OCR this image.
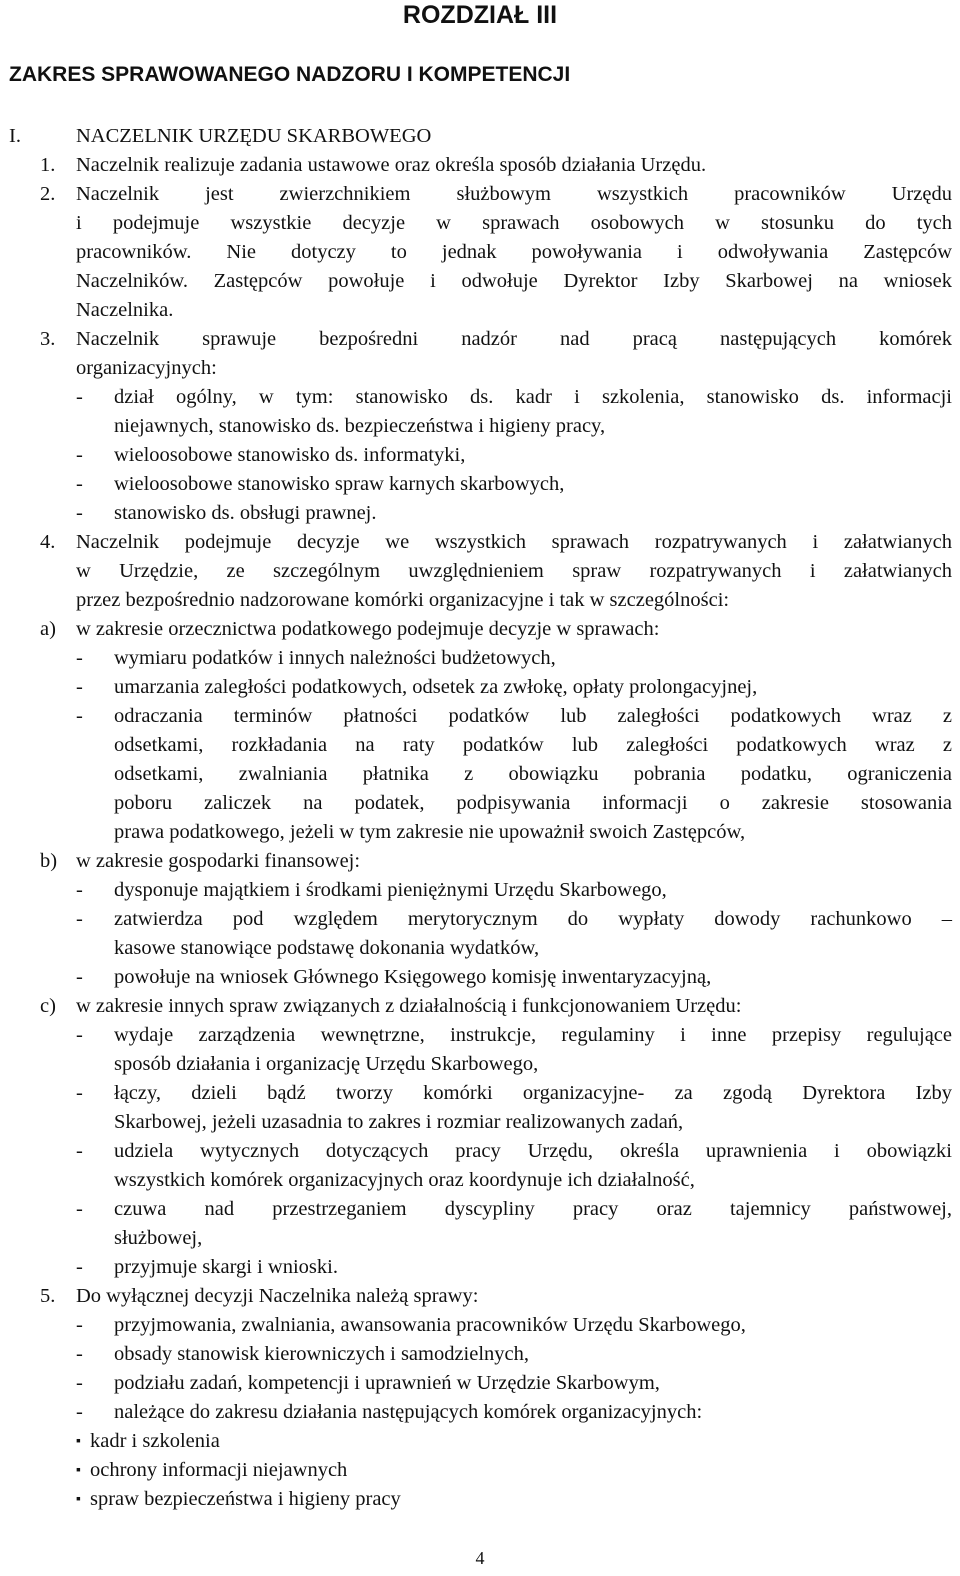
ROZDZIAŁ III
ZAKRES SPRAWOWANEGO NADZORU I KOMPETENCJI
I.	NACZELNIK URZĘDU SKARBOWEGO
1. Naczelnik realizuje zadania ustawowe oraz określa sposób działania Urzędu.
2. Naczelnik jest zwierzchnikiem służbowym wszystkich pracowników Urzędu
i podejmuje wszystkie decyzje w sprawach osobowych w stosunku do tych
pracowników. Nie dotyczy to jednak powoływania i odwoływania Zastępców
Naczelników. Zastępców powołuje i odwołuje Dyrektor Izby Skarbowej na wniosek
Naczelnika.
3. Naczelnik sprawuje bezpośredni nadzór nad pracą następujących komórek
organizacyjnych:
- dział ogólny, w tym: stanowisko ds. kadr i szkolenia, stanowisko ds. informacji
niejawnych, stanowisko ds. bezpieczeństwa i higieny pracy,
- wieloosobowe stanowisko ds. informatyki,
- wieloosobowe stanowisko spraw karnych skarbowych,
- stanowisko ds. obsługi prawnej.
4. Naczelnik podejmuje decyzje we wszystkich sprawach rozpatrywanych i załatwianych
w Urzędzie, ze szczególnym uwzględnieniem spraw rozpatrywanych i załatwianych
przez bezpośrednio nadzorowane komórki organizacyjne i tak w szczególności:
a) w zakresie orzecznictwa podatkowego podejmuje decyzje w sprawach:
- wymiaru podatków i innych należności budżetowych,
- umarzania zaległości podatkowych, odsetek za zwłokę, opłaty prolongacyjnej,
- odraczania terminów płatności podatków lub zaległości podatkowych wraz z
odsetkami, rozkładania na raty podatków lub zaległości podatkowych wraz z
odsetkami, zwalniania płatnika z obowiązku pobrania podatku, ograniczenia
poboru zaliczek na podatek, podpisywania informacji o zakresie stosowania
prawa podatkowego, jeżeli w tym zakresie nie upoważnił swoich Zastępców,
b) w zakresie gospodarki finansowej:
- dysponuje majątkiem i środkami pieniężnymi Urzędu Skarbowego,
- zatwierdza pod względem merytorycznym do wypłaty dowody rachunkowo –
kasowe stanowiące podstawę dokonania wydatków,
- powołuje na wniosek Głównego Księgowego komisję inwentaryzacyjną,
c) w zakresie innych spraw związanych z działalnością i funkcjonowaniem Urzędu:
- wydaje zarządzenia wewnętrzne, instrukcje, regulaminy i inne przepisy regulujące
sposób działania i organizację Urzędu Skarbowego,
- łączy, dzieli bądź tworzy komórki organizacyjne- za zgodą Dyrektora Izby
Skarbowej, jeżeli uzasadnia to zakres i rozmiar realizowanych zadań,
- udziela wytycznych dotyczących pracy Urzędu, określa uprawnienia i obowiązki
wszystkich komórek organizacyjnych oraz koordynuje ich działalność,
- czuwa nad przestrzeganiem dyscypliny pracy oraz tajemnicy państwowej,
służbowej,
- przyjmuje skargi i wnioski.
5. Do wyłącznej decyzji Naczelnika należą sprawy:
- przyjmowania, zwalniania, awansowania pracowników Urzędu Skarbowego,
- obsady stanowisk kierowniczych i samodzielnych,
- podziału zadań, kompetencji i uprawnień w Urzędzie Skarbowym,
- należące do zakresu działania następujących komórek organizacyjnych:
▪ kadr i szkolenia
▪ ochrony informacji niejawnych
▪ spraw bezpieczeństwa i higieny pracy
4
